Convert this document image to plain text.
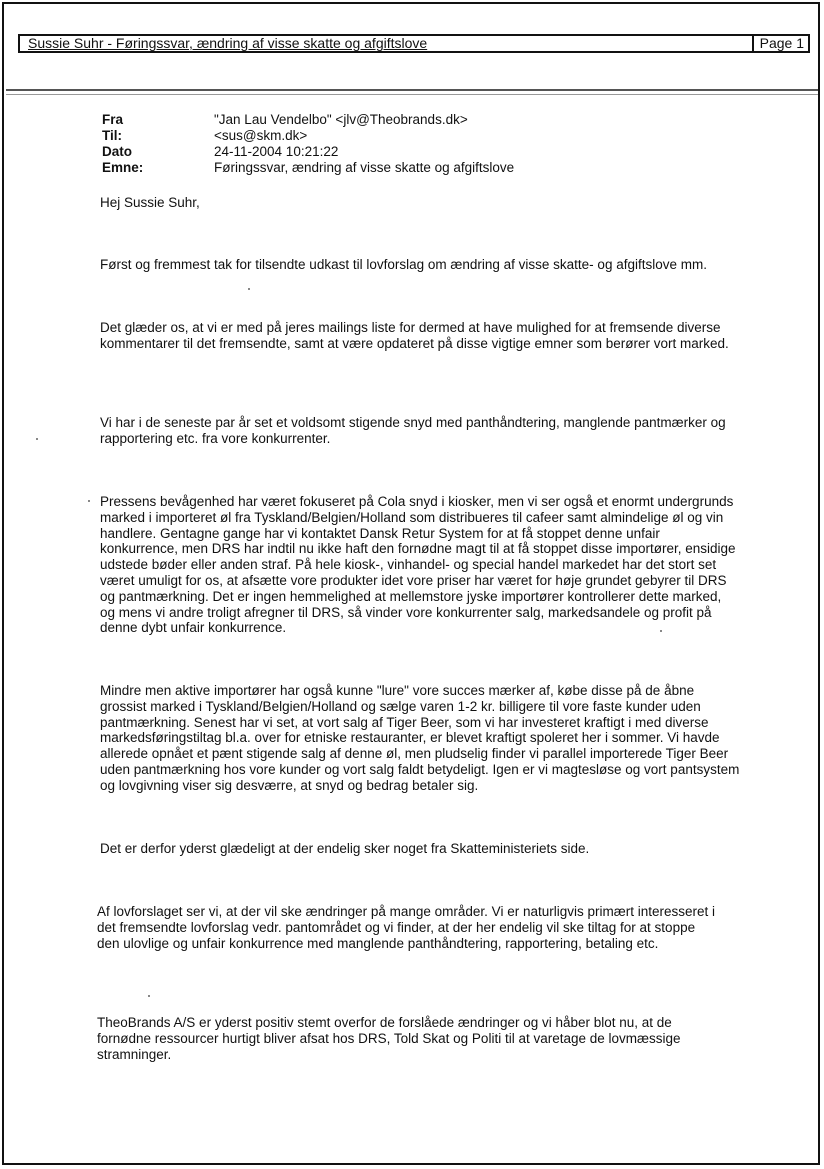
Sussie Suhr - Føringssvar, ændring af visse skatte og afgiftslove	Page 1
Fra	"Jan Lau Vendelbo" <jlv@Theobrands.dk>
Til:	<sus@skm.dk>
Dato	24-11-2004 10:21:22
Emne:	Føringssvar, ændring af visse skatte og afgiftslove

Hej Sussie Suhr,

Først og fremmest tak for tilsendte udkast til lovforslag om ændring af visse skatte- og afgiftslove mm.

Det glæder os, at vi er med på jeres mailings liste for dermed at have mulighed for at fremsende diverse kommentarer til det fremsendte, samt at være opdateret på disse vigtige emner som berører vort marked.

Vi har i de seneste par år set et voldsomt stigende snyd med panthåndtering, manglende pantmærker og rapportering etc. fra vore konkurrenter.

Pressens bevågenhed har været fokuseret på Cola snyd i kiosker, men vi ser også et enormt undergrunds marked i importeret øl fra Tyskland/Belgien/Holland som distribueres til cafeer samt almindelige øl og vin handlere. Gentagne gange har vi kontaktet Dansk Retur System for at få stoppet denne unfair konkurrence, men DRS har indtil nu ikke haft den fornødne magt til at få stoppet disse importører, ensidige udstede bøder eller anden straf. På hele kiosk-, vinhandel- og special handel markedet har det stort set været umuligt for os, at afsætte vore produkter idet vore priser har været for høje grundet gebyrer til DRS og pantmærkning. Det er ingen hemmelighed at mellemstore jyske importører kontrollerer dette marked, og mens vi andre troligt afregner til DRS, så vinder vore konkurrenter salg, markedsandele og profit på denne dybt unfair konkurrence.

Mindre men aktive importører har også kunne "lure" vore succes mærker af, købe disse på de åbne grossist marked i Tyskland/Belgien/Holland og sælge varen 1-2 kr. billigere til vore faste kunder uden pantmærkning. Senest har vi set, at vort salg af Tiger Beer, som vi har investeret kraftigt i med diverse markedsføringstiltag bl.a. over for etniske restauranter, er blevet kraftigt spoleret her i sommer. Vi havde allerede opnået et pænt stigende salg af denne øl, men pludselig finder vi parallel importerede Tiger Beer uden pantmærkning hos vore kunder og vort salg faldt betydeligt. Igen er vi magtesløse og vort pantsystem og lovgivning viser sig desværre, at snyd og bedrag betaler sig.

Det er derfor yderst glædeligt at der endelig sker noget fra Skatteministeriets side.

Af lovforslaget ser vi, at der vil ske ændringer på mange områder. Vi er naturligvis primært interesseret i det fremsendte lovforslag vedr. pantområdet og vi finder, at der her endelig vil ske tiltag for at stoppe den ulovlige og unfair konkurrence med manglende panthåndtering, rapportering, betaling etc.

TheoBrands A/S er yderst positiv stemt overfor de forslåede ændringer og vi håber blot nu, at de fornødne ressourcer hurtigt bliver afsat hos DRS, Told Skat og Politi til at varetage de lovmæssige stramninger.
